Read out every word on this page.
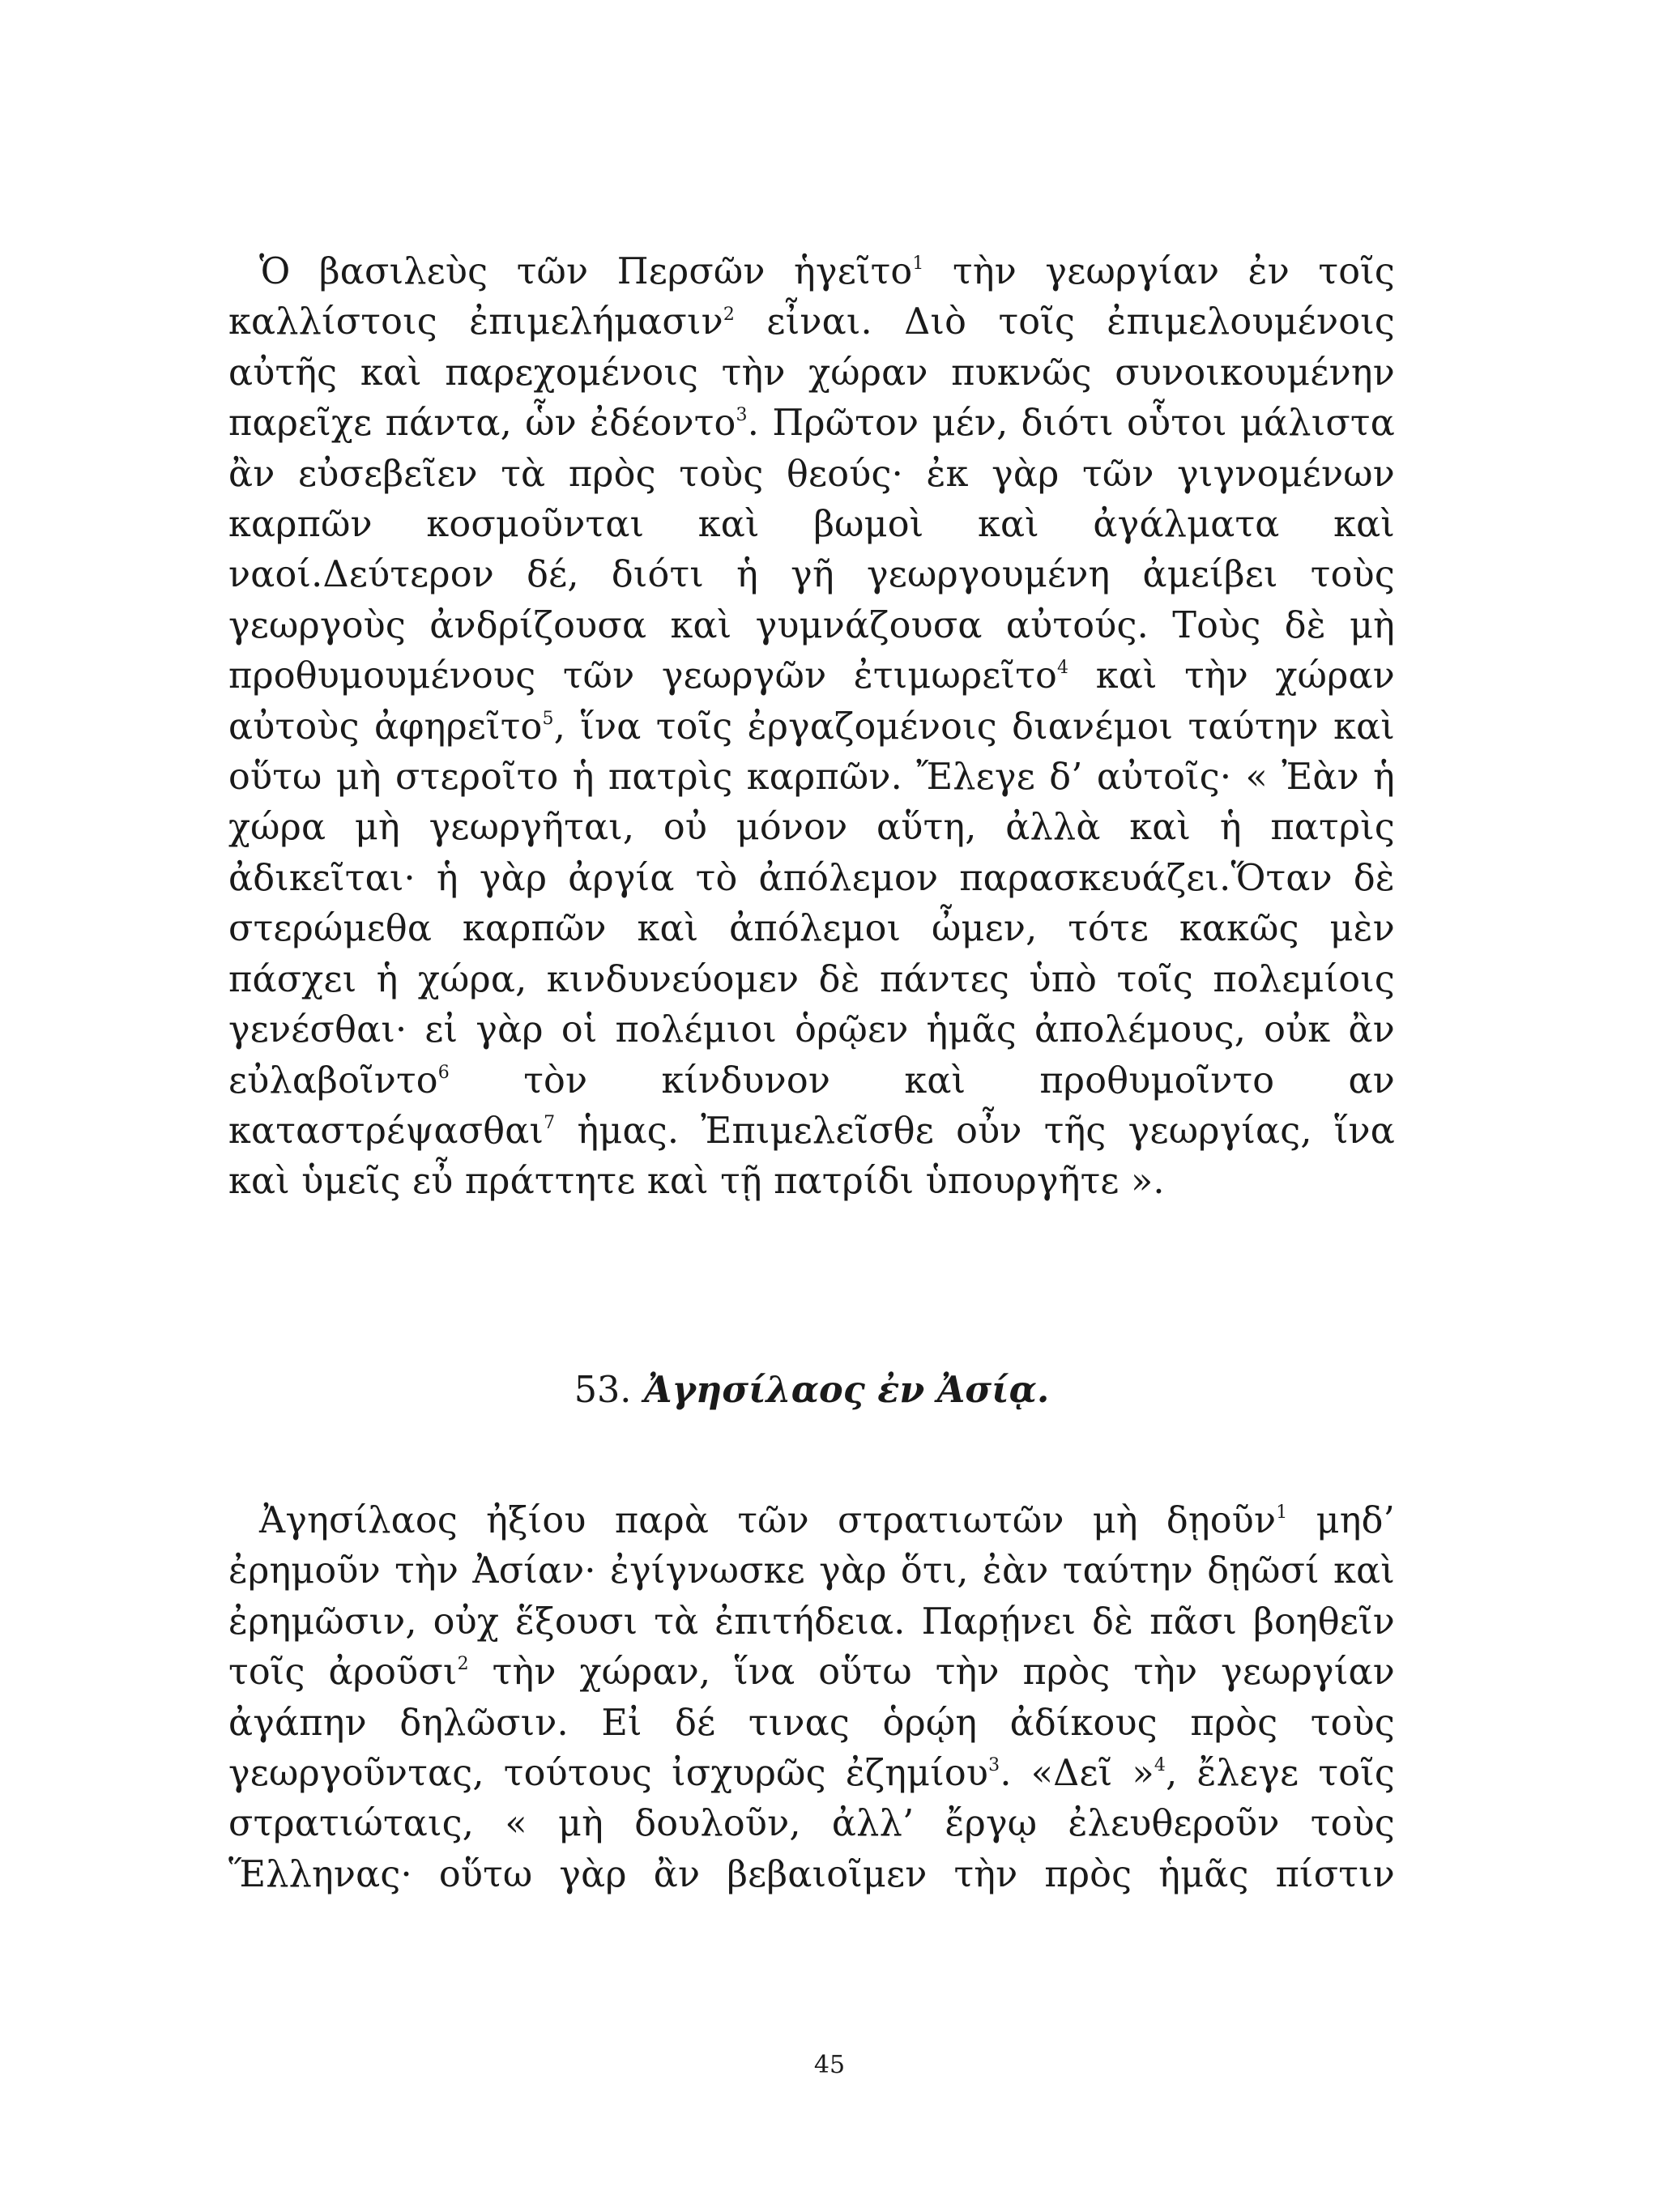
Ὁ βασιλεὺς τῶν Περσῶν ἡγεῖτο$^1$ τὴν γεωργίαν ἐν τοῖς καλλίστοις ἐπιμελήμασιν$^2$ εἶναι. Διὸ τοῖς ἐπιμελουμένοις αὐτῆς καὶ παρεχομένοις τὴν χώραν πυκνῶς συνοικουμένην παρεῖχε πάντα, ὧν ἐδέοντο$^3$. Πρῶτον μέν, διότι οὗτοι μάλιστα ἂν εὐσεβεῖεν τὰ πρὸς τοὺς θεούς· ἐκ γὰρ τῶν γιγνομένων καρπῶν κοσμοῦνται καὶ βωμοὶ καὶ ἀγάλματα καὶ ναοί.Δεύτερον δέ, διότι ἡ γῆ γεωργουμένη ἀμείβει τοὺς γεωργοὺς ἀνδρίζουσα καὶ γυμνάζουσα αὐτούς. Τοὺς δὲ μὴ προθυμουμένους τῶν γεωργῶν ἐτιμωρεῖτο$^4$ καὶ τὴν χώραν αὐτοὺς ἀφηρεῖτο$^5$, ἵνα τοῖς ἐργαζομένοις διανέμοι ταύτην καὶ οὕτω μὴ στεροῖτο ἡ πατρὶς καρπῶν. Ἔλεγε δ’ αὐτοῖς· « Ἐὰν ἡ χώρα μὴ γεωργῆται, οὐ μόνον αὕτη, ἀλλὰ καὶ ἡ πατρὶς ἀδικεῖται· ἡ γὰρ ἀργία τὸ ἀπόλεμον παρασκευάζει.Ὅταν δὲ στερώμεθα καρπῶν καὶ ἀπόλεμοι ὦμεν, τότε κακῶς μὲν πάσχει ἡ χώρα, κινδυνεύομεν δὲ πάντες ὑπὸ τοῖς πολεμίοις γενέσθαι· εἰ γὰρ οἱ πολέμιοι ὁρῷεν ἡμᾶς ἀπολέμους, οὐκ ἂν εὐλαβοῖντο$^6$ τὸν κίνδυνον καὶ προθυμοῖντο αν καταστρέψασθαι$^7$ ἡμας. Ἐπιμελεῖσθε οὖν τῆς γεωργίας, ἵνα καὶ ὑμεῖς εὖ πράττητε καὶ τῇ πατρίδι ὑπουργῆτε ».

53. Ἀγησίλαος ἐν Ἀσίᾳ.

Ἀγησίλαος ἠξίου παρὰ τῶν στρατιωτῶν μὴ δῃοῦν$^1$ μηδ’ ἐρημοῦν τὴν Ἀσίαν· ἐγίγνωσκε γὰρ ὅτι, ἐὰν ταύτην δῃῶσί καὶ ἐρημῶσιν, οὐχ ἕξουσι τὰ ἐπιτήδεια. Παρῄνει δὲ πᾶσι βοηθεῖν τοῖς ἀροῦσι$^2$ τὴν χώραν, ἵνα οὕτω τὴν πρὸς τὴν γεωργίαν ἀγάπην δηλῶσιν. Εἰ δέ τινας ὁρῴη ἀδίκους πρὸς τοὺς γεωργοῦντας, τούτους ἰσχυρῶς ἐζημίου$^3$. «Δεῖ »$^4$, ἔλεγε τοῖς στρατιώταις, « μὴ δουλοῦν, ἀλλ’ ἔργῳ ἐλευθεροῦν τοὺς Ἕλληνας· οὕτω γὰρ ἂν βεβαιοῖμεν τὴν πρὸς ἡμᾶς πίστιν

45
